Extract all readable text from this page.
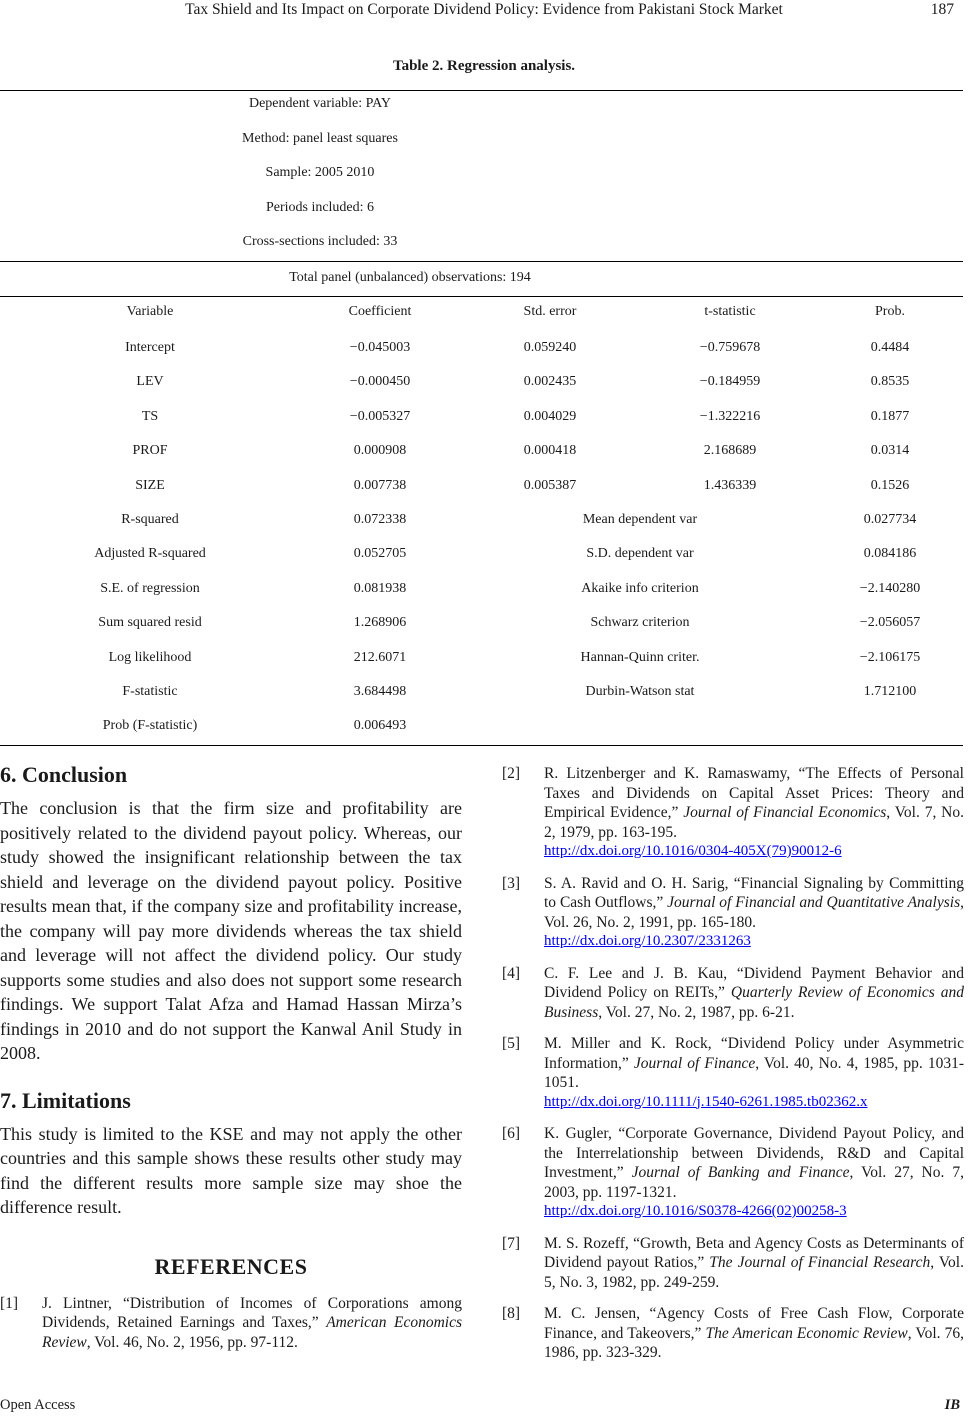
Tax Shield and Its Impact on Corporate Dividend Policy: Evidence from Pakistani Stock Market	187
Table 2. Regression analysis.
Dependent variable: PAY
Method: panel least squares
Sample: 2005 2010
Periods included: 6
Cross-sections included: 33
Total panel (unbalanced) observations: 194
Variable	Coefficient	Std. error	t-statistic	Prob.
Intercept	−0.045003	0.059240	−0.759678	0.4484
LEV	−0.000450	0.002435	−0.184959	0.8535
TS	−0.005327	0.004029	−1.322216	0.1877
PROF	0.000908	0.000418	2.168689	0.0314
SIZE	0.007738	0.005387	1.436339	0.1526
R-squared	0.072338	Mean dependent var	0.027734
Adjusted R-squared	0.052705	S.D. dependent var	0.084186
S.E. of regression	0.081938	Akaike info criterion	−2.140280
Sum squared resid	1.268906	Schwarz criterion	−2.056057
Log likelihood	212.6071	Hannan-Quinn criter.	−2.106175
F-statistic	3.684498	Durbin-Watson stat	1.712100
Prob (F-statistic)	0.006493
6. Conclusion

The conclusion is that the firm size and profitability are positively related to the dividend payout policy. Whereas, our study showed the insignificant relationship between the tax shield and leverage on the dividend payout policy. Positive results mean that, if the company size and profitability increase, the company will pay more dividends whereas the tax shield and leverage will not affect the dividend policy. Our study supports some studies and also does not support some research findings. We support Talat Afza and Hamad Hassan Mirza’s findings in 2010 and do not support the Kanwal Anil Study in 2008.

7. Limitations

This study is limited to the KSE and may not apply the other countries and this sample shows these results other study may find the different results more sample size may shoe the difference result.

REFERENCES
[1] J. Lintner, “Distribution of Incomes of Corporations among Dividends, Retained Earnings and Taxes,” American Economics Review, Vol. 46, No. 2, 1956, pp. 97-112.
[2] R. Litzenberger and K. Ramaswamy, “The Effects of Personal Taxes and Dividends on Capital Asset Prices: Theory and Empirical Evidence,” Journal of Financial Economics, Vol. 7, No. 2, 1979, pp. 163-195.
http://dx.doi.org/10.1016/0304-405X(79)90012-6
[3] S. A. Ravid and O. H. Sarig, “Financial Signaling by Committing to Cash Outflows,” Journal of Financial and Quantitative Analysis, Vol. 26, No. 2, 1991, pp. 165-180.
http://dx.doi.org/10.2307/2331263
[4] C. F. Lee and J. B. Kau, “Dividend Payment Behavior and Dividend Policy on REITs,” Quarterly Review of Economics and Business, Vol. 27, No. 2, 1987, pp. 6-21.
[5] M. Miller and K. Rock, “Dividend Policy under Asymmetric Information,” Journal of Finance, Vol. 40, No. 4, 1985, pp. 1031-1051.
http://dx.doi.org/10.1111/j.1540-6261.1985.tb02362.x
[6] K. Gugler, “Corporate Governance, Dividend Payout Policy, and the Interrelationship between Dividends, R&D and Capital Investment,” Journal of Banking and Finance, Vol. 27, No. 7, 2003, pp. 1197-1321.
http://dx.doi.org/10.1016/S0378-4266(02)00258-3
[7] M. S. Rozeff, “Growth, Beta and Agency Costs as Determinants of Dividend payout Ratios,” The Journal of Financial Research, Vol. 5, No. 3, 1982, pp. 249-259.
[8] M. C. Jensen, “Agency Costs of Free Cash Flow, Corporate Finance, and Takeovers,” The American Economic Review, Vol. 76, 1986, pp. 323-329.
Open Access	IB
